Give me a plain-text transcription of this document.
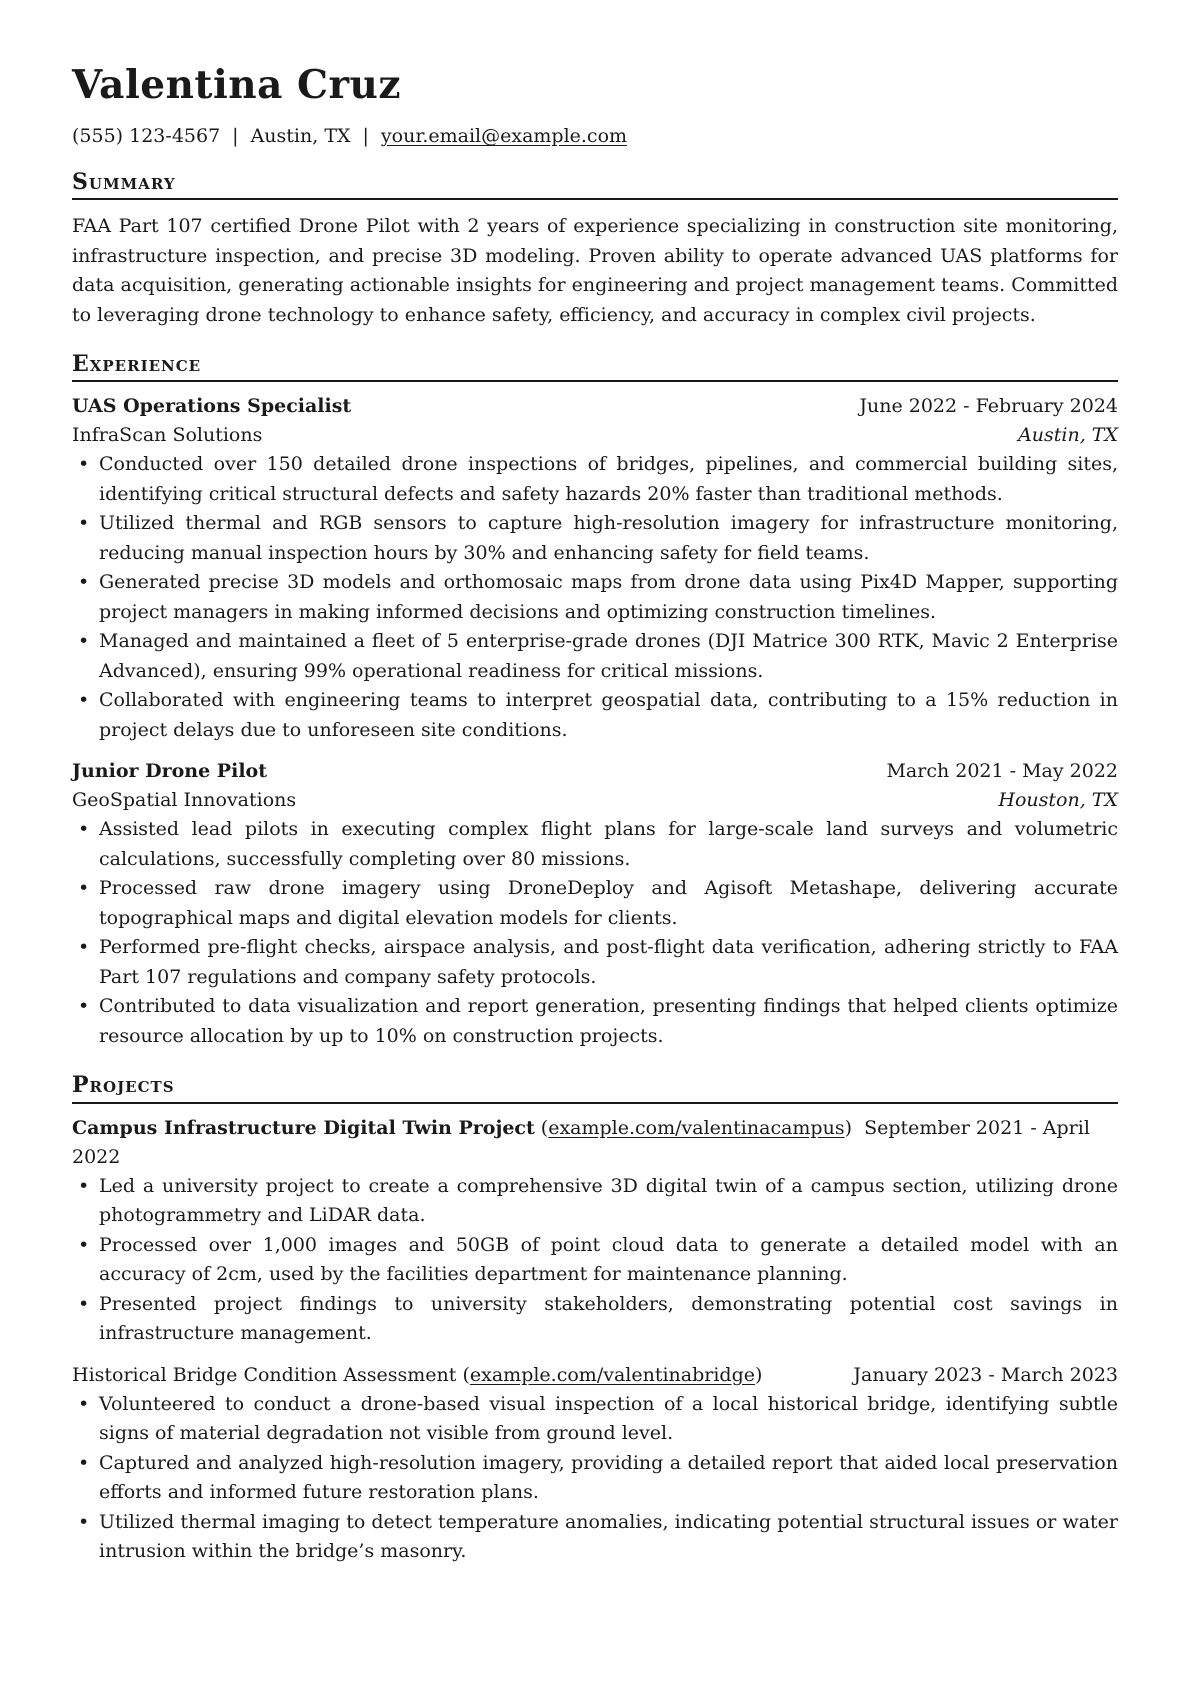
Valentina Cruz
(555) 123-4567 | Austin, TX | your.email@example.com
Summary
FAA Part 107 certified Drone Pilot with 2 years of experience specializing in construction site monitoring, infrastructure inspection, and precise 3D modeling. Proven ability to operate advanced UAS platforms for data acquisition, generating actionable insights for engineering and project management teams. Committed to leveraging drone technology to enhance safety, efficiency, and accuracy in complex civil projects.
Experience
UAS Operations Specialist	June 2022 - February 2024
InfraScan Solutions	Austin, TX
• Conducted over 150 detailed drone inspections of bridges, pipelines, and commercial building sites, identifying critical structural defects and safety hazards 20% faster than traditional methods.
• Utilized thermal and RGB sensors to capture high-resolution imagery for infrastructure monitoring, reducing manual inspection hours by 30% and enhancing safety for field teams.
• Generated precise 3D models and orthomosaic maps from drone data using Pix4D Mapper, supporting project managers in making informed decisions and optimizing construction timelines.
• Managed and maintained a fleet of 5 enterprise-grade drones (DJI Matrice 300 RTK, Mavic 2 Enterprise Advanced), ensuring 99% operational readiness for critical missions.
• Collaborated with engineering teams to interpret geospatial data, contributing to a 15% reduction in project delays due to unforeseen site conditions.
Junior Drone Pilot	March 2021 - May 2022
GeoSpatial Innovations	Houston, TX
• Assisted lead pilots in executing complex flight plans for large-scale land surveys and volumetric calculations, successfully completing over 80 missions.
• Processed raw drone imagery using DroneDeploy and Agisoft Metashape, delivering accurate topographical maps and digital elevation models for clients.
• Performed pre-flight checks, airspace analysis, and post-flight data verification, adhering strictly to FAA Part 107 regulations and company safety protocols.
• Contributed to data visualization and report generation, presenting findings that helped clients optimize resource allocation by up to 10% on construction projects.
Projects
Campus Infrastructure Digital Twin Project (example.com/valentinacampus)  September 2021 - April 2022
• Led a university project to create a comprehensive 3D digital twin of a campus section, utilizing drone photogrammetry and LiDAR data.
• Processed over 1,000 images and 50GB of point cloud data to generate a detailed model with an accuracy of 2cm, used by the facilities department for maintenance planning.
• Presented project findings to university stakeholders, demonstrating potential cost savings in infrastructure management.
Historical Bridge Condition Assessment (example.com/valentinabridge)	January 2023 - March 2023
• Volunteered to conduct a drone-based visual inspection of a local historical bridge, identifying subtle signs of material degradation not visible from ground level.
• Captured and analyzed high-resolution imagery, providing a detailed report that aided local preservation efforts and informed future restoration plans.
• Utilized thermal imaging to detect temperature anomalies, indicating potential structural issues or water intrusion within the bridge’s masonry.
